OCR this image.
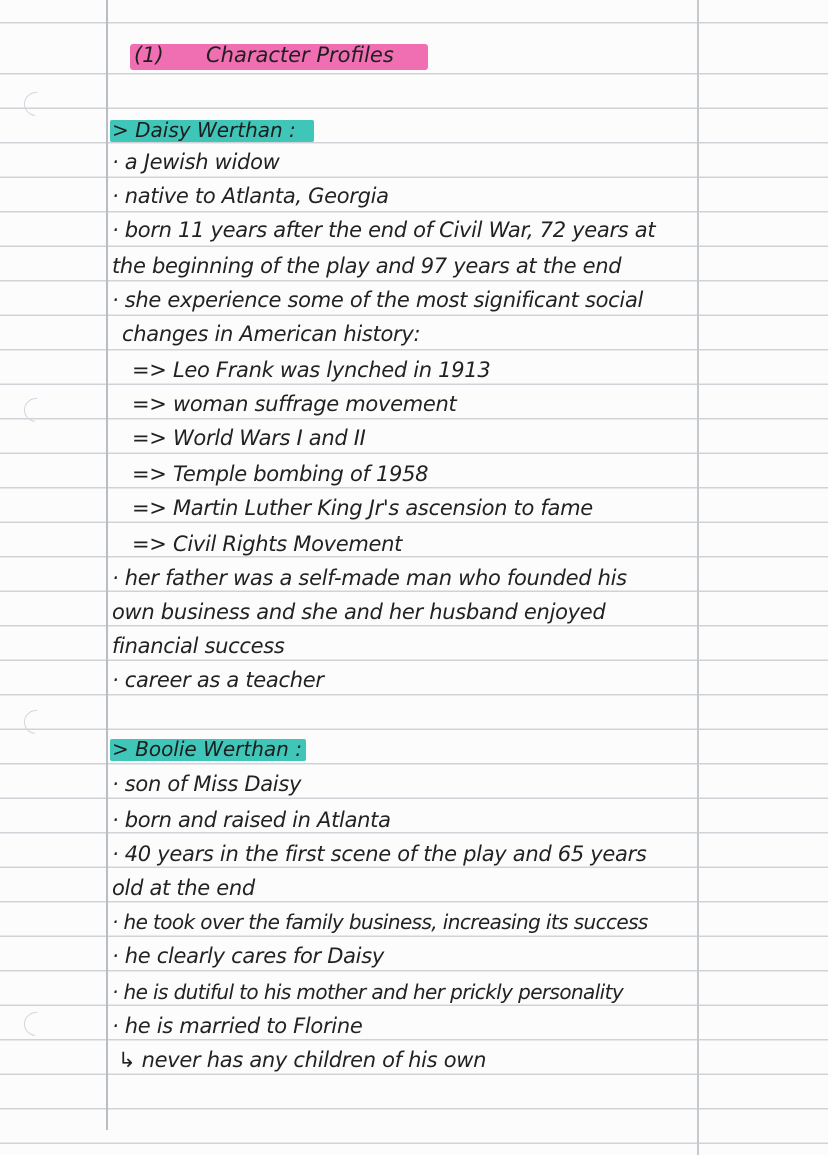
(1) Character Profiles
> Daisy Werthan :
· a Jewish widow
· native to Atlanta, Georgia
· born 11 years after the end of Civil War, 72 years at
the beginning of the play and 97 years at the end
· she experience some of the most significant social
changes in American history:
=> Leo Frank was lynched in 1913
=> woman suffrage movement
=> World Wars I and II
=> Temple bombing of 1958
=> Martin Luther King Jr's ascension to fame
=> Civil Rights Movement
· her father was a self-made man who founded his
own business and she and her husband enjoyed
financial success
· career as a teacher
> Boolie Werthan :
· son of Miss Daisy
· born and raised in Atlanta
· 40 years in the first scene of the play and 65 years
old at the end
· he took over the family business, increasing its success
· he clearly cares for Daisy
· he is dutiful to his mother and her prickly personality
· he is married to Florine
↳ never has any children of his own
